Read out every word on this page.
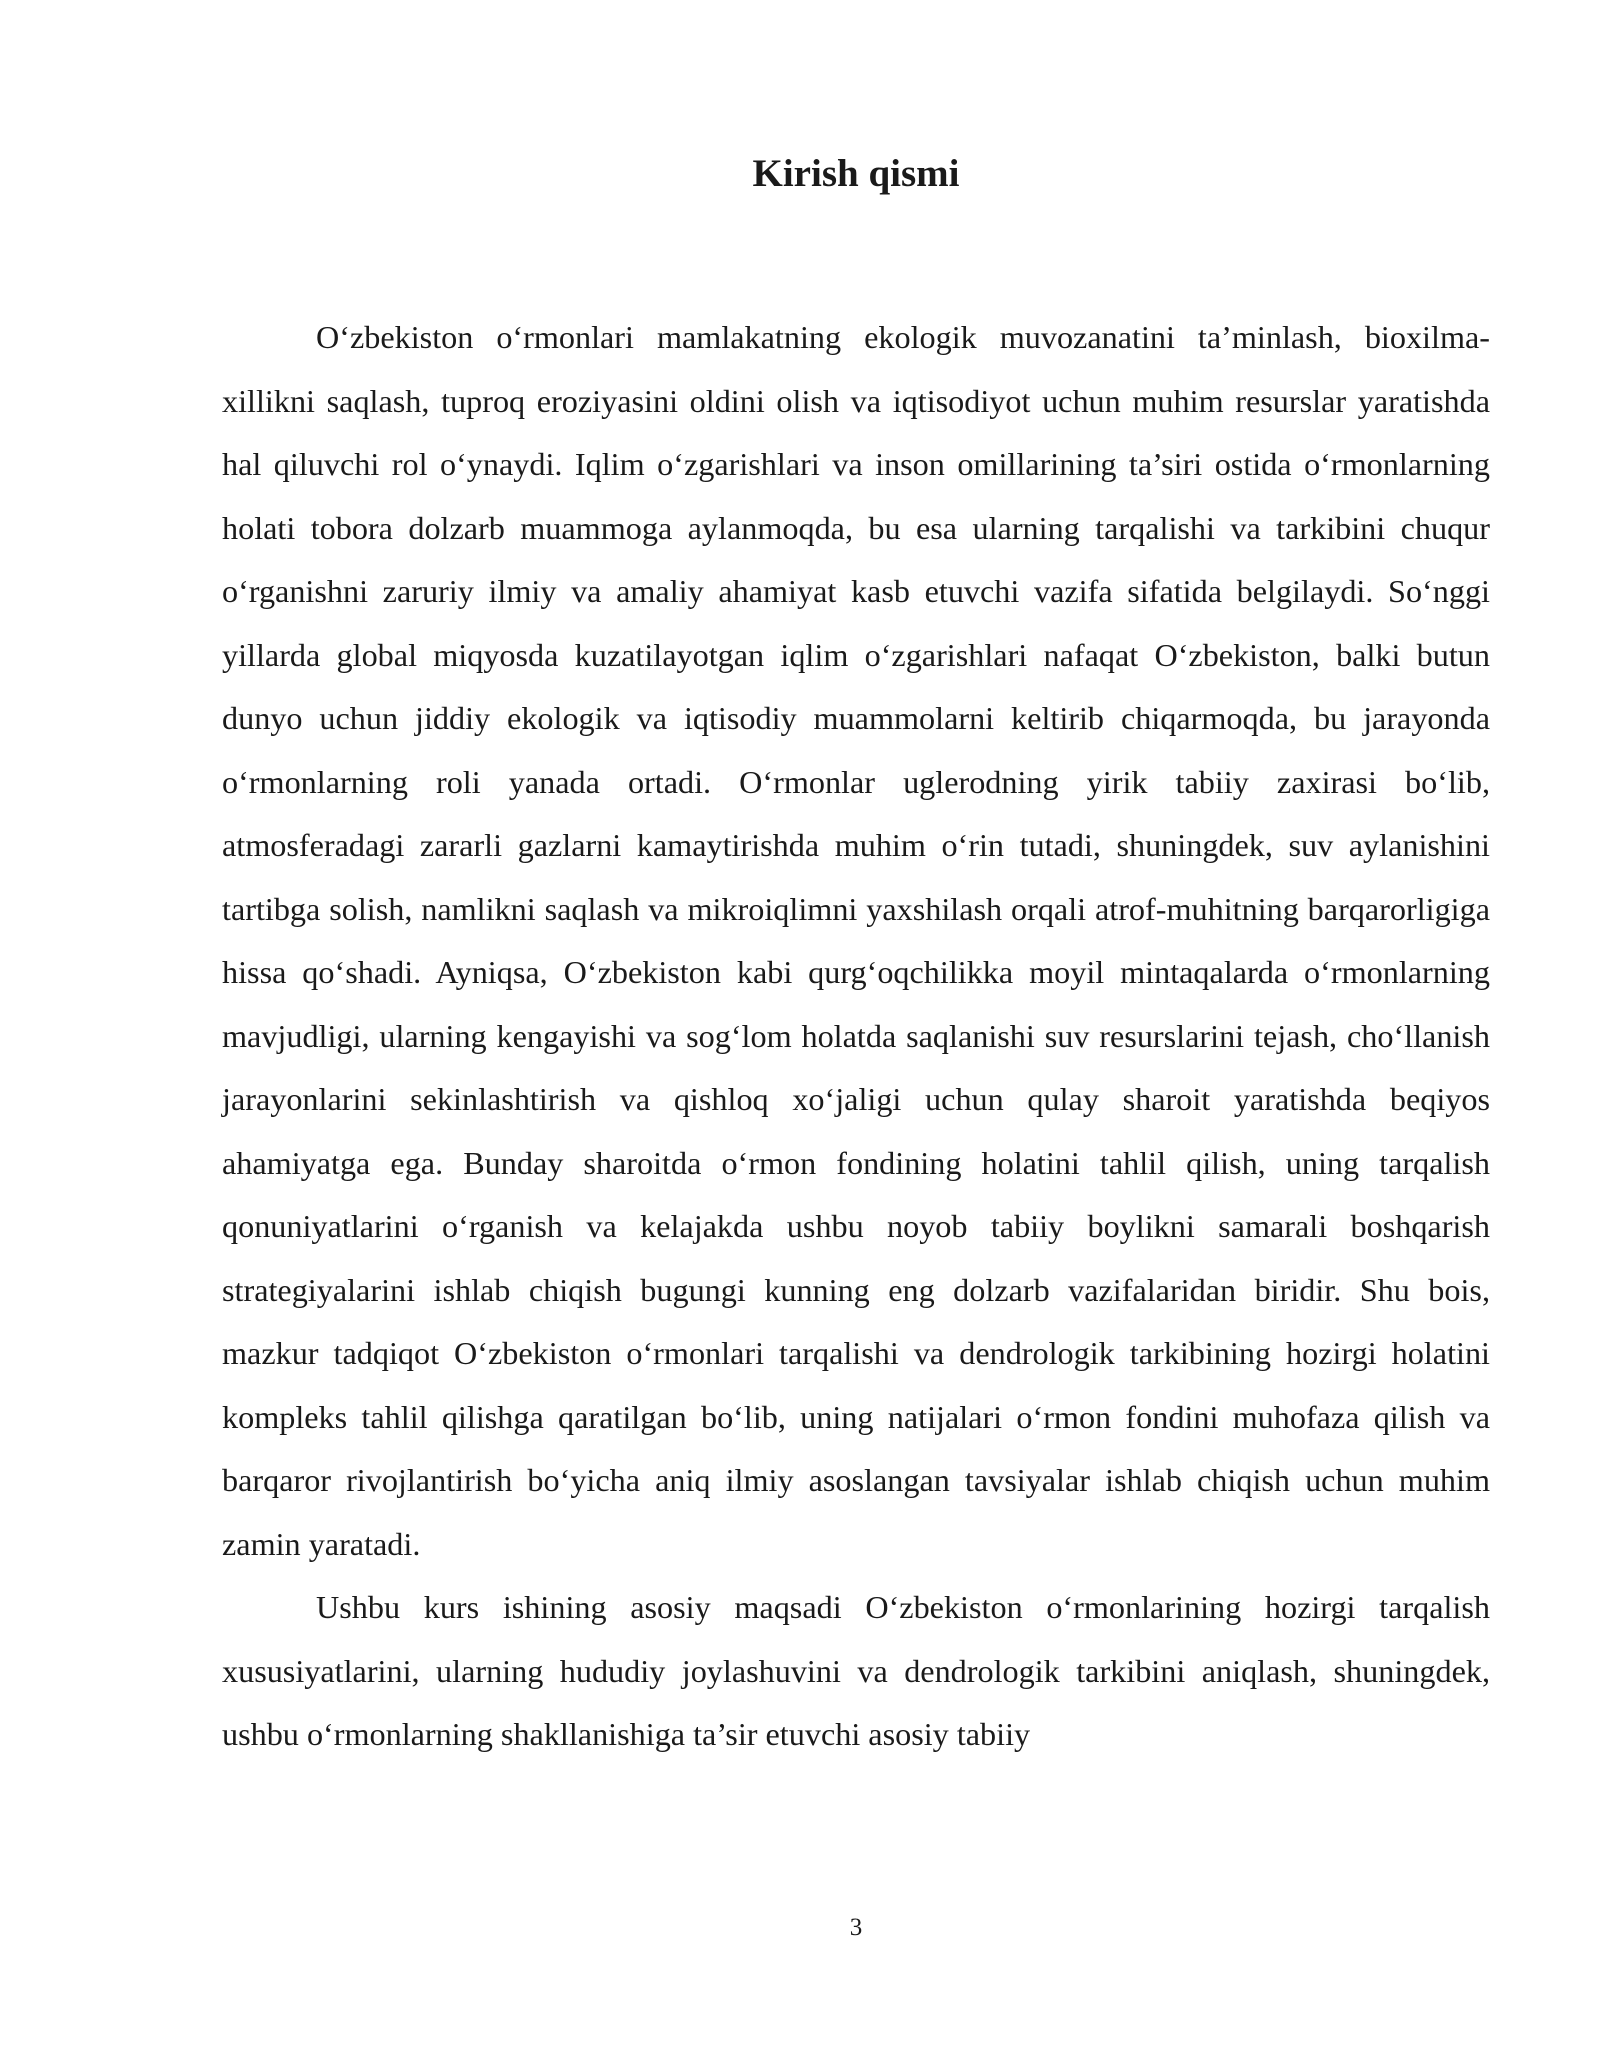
Kirish qismi

O‘zbekiston o‘rmonlari mamlakatning ekologik muvozanatini ta’minlash, bioxilma-xillikni saqlash, tuproq eroziyasini oldini olish va iqtisodiyot uchun muhim resurslar yaratishda hal qiluvchi rol o‘ynaydi. Iqlim o‘zgarishlari va inson omillarining ta’siri ostida o‘rmonlarning holati tobora dolzarb muammoga aylanmoqda, bu esa ularning tarqalishi va tarkibini chuqur o‘rganishni zaruriy ilmiy va amaliy ahamiyat kasb etuvchi vazifa sifatida belgilaydi. So‘nggi yillarda global miqyosda kuzatilayotgan iqlim o‘zgarishlari nafaqat O‘zbekiston, balki butun dunyo uchun jiddiy ekologik va iqtisodiy muammolarni keltirib chiqarmoqda, bu jarayonda o‘rmonlarning roli yanada ortadi. O‘rmonlar uglerodning yirik tabiiy zaxirasi bo‘lib, atmosferadagi zararli gazlarni kamaytirishda muhim o‘rin tutadi, shuningdek, suv aylanishini tartibga solish, namlikni saqlash va mikroiqlimni yaxshilash orqali atrof-muhitning barqarorligiga hissa qo‘shadi. Ayniqsa, O‘zbekiston kabi qurg‘oqchilikka moyil mintaqalarda o‘rmonlarning mavjudligi, ularning kengayishi va sog‘lom holatda saqlanishi suv resurslarini tejash, cho‘llanish jarayonlarini sekinlashtirish va qishloq xo‘jaligi uchun qulay sharoit yaratishda beqiyos ahamiyatga ega. Bunday sharoitda o‘rmon fondining holatini tahlil qilish, uning tarqalish qonuniyatlarini o‘rganish va kelajakda ushbu noyob tabiiy boylikni samarali boshqarish strategiyalarini ishlab chiqish bugungi kunning eng dolzarb vazifalaridan biridir. Shu bois, mazkur tadqiqot O‘zbekiston o‘rmonlari tarqalishi va dendrologik tarkibining hozirgi holatini kompleks tahlil qilishga qaratilgan bo‘lib, uning natijalari o‘rmon fondini muhofaza qilish va barqaror rivojlantirish bo‘yicha aniq ilmiy asoslangan tavsiyalar ishlab chiqish uchun muhim zamin yaratadi.

Ushbu kurs ishining asosiy maqsadi O‘zbekiston o‘rmonlarining hozirgi tarqalish xususiyatlarini, ularning hududiy joylashuvini va dendrologik tarkibini aniqlash, shuningdek, ushbu o‘rmonlarning shakllanishiga ta’sir etuvchi asosiy tabiiy

3
